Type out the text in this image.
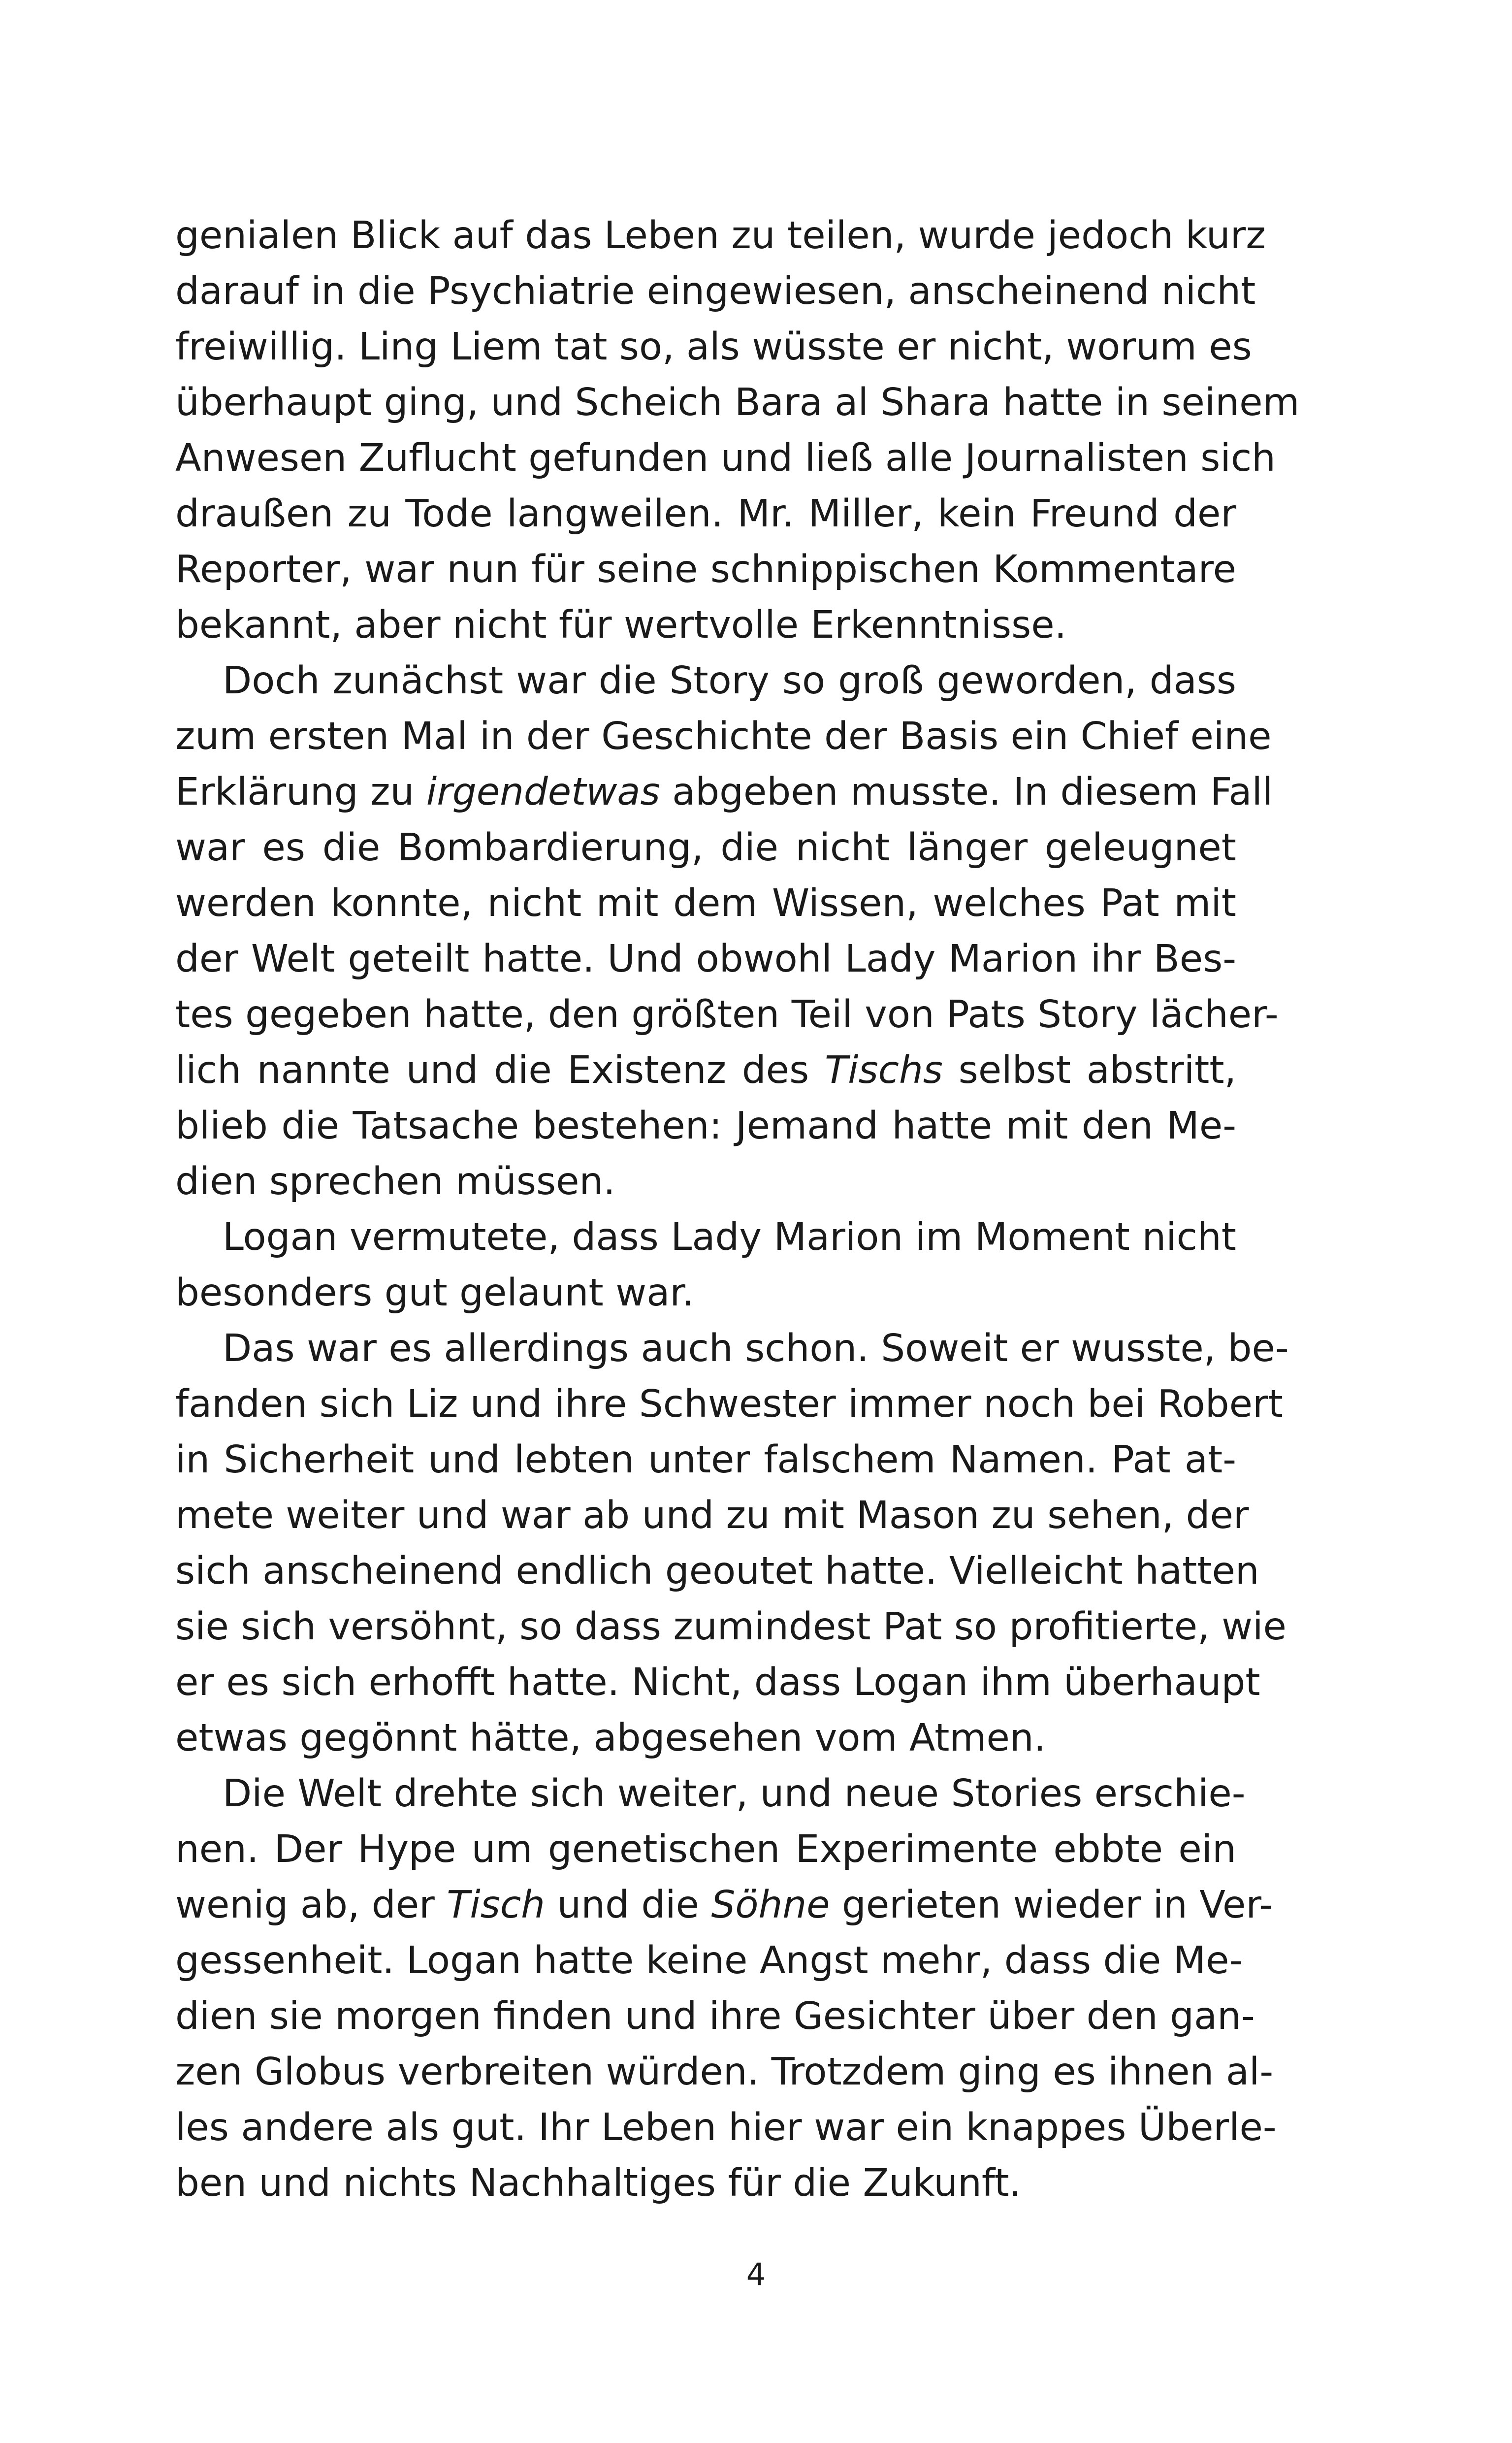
genialen Blick auf das Leben zu teilen, wurde jedoch kurz
darauf in die Psychiatrie eingewiesen, anscheinend nicht
freiwillig. Ling Liem tat so, als wüsste er nicht, worum es
überhaupt ging, und Scheich Bara al Shara hatte in seinem
Anwesen Zuflucht gefunden und ließ alle Journalisten sich
draußen zu Tode langweilen. Mr. Miller, kein Freund der
Reporter, war nun für seine schnippischen Kommentare
bekannt, aber nicht für wertvolle Erkenntnisse.
Doch zunächst war die Story so groß geworden, dass
zum ersten Mal in der Geschichte der Basis ein Chief eine
Erklärung zu irgendetwas abgeben musste. In diesem Fall
war es die Bombardierung, die nicht länger geleugnet
werden konnte, nicht mit dem Wissen, welches Pat mit
der Welt geteilt hatte. Und obwohl Lady Marion ihr Bes-
tes gegeben hatte, den größten Teil von Pats Story lächer-
lich nannte und die Existenz des Tischs selbst abstritt,
blieb die Tatsache bestehen: Jemand hatte mit den Me-
dien sprechen müssen.
Logan vermutete, dass Lady Marion im Moment nicht
besonders gut gelaunt war.
Das war es allerdings auch schon. Soweit er wusste, be-
fanden sich Liz und ihre Schwester immer noch bei Robert
in Sicherheit und lebten unter falschem Namen. Pat at-
mete weiter und war ab und zu mit Mason zu sehen, der
sich anscheinend endlich geoutet hatte. Vielleicht hatten
sie sich versöhnt, so dass zumindest Pat so profitierte, wie
er es sich erhofft hatte. Nicht, dass Logan ihm überhaupt
etwas gegönnt hätte, abgesehen vom Atmen.
Die Welt drehte sich weiter, und neue Stories erschie-
nen. Der Hype um genetischen Experimente ebbte ein
wenig ab, der Tisch und die Söhne gerieten wieder in Ver-
gessenheit. Logan hatte keine Angst mehr, dass die Me-
dien sie morgen finden und ihre Gesichter über den gan-
zen Globus verbreiten würden. Trotzdem ging es ihnen al-
les andere als gut. Ihr Leben hier war ein knappes Überle-
ben und nichts Nachhaltiges für die Zukunft.
4
